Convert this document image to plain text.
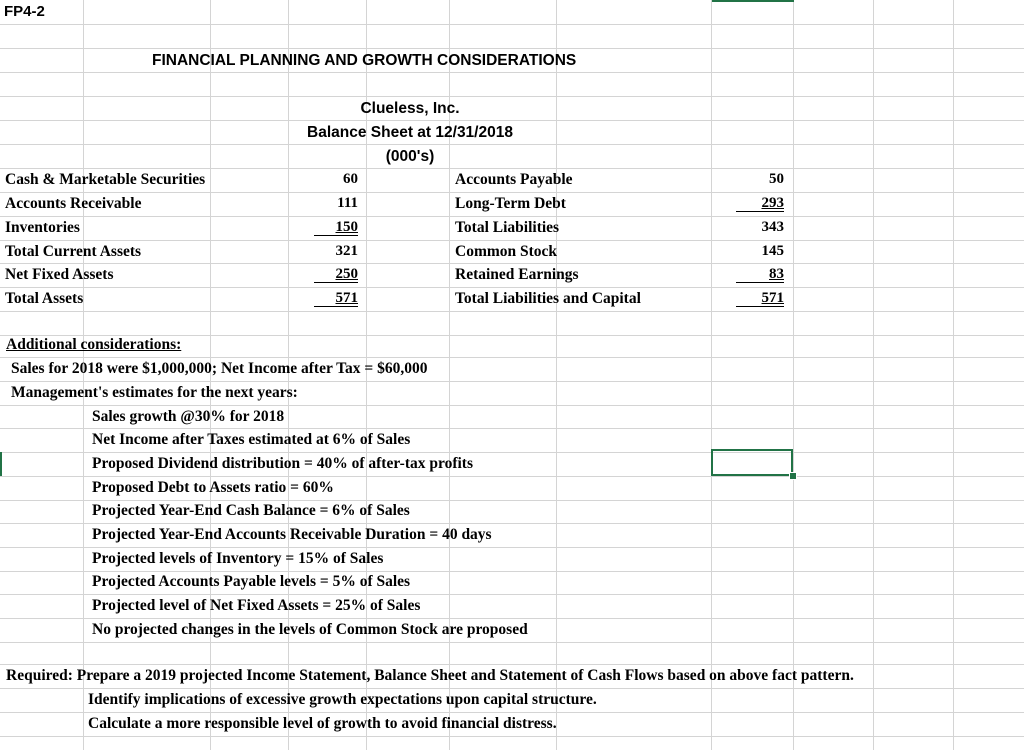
FP4-2
FINANCIAL PLANNING AND GROWTH CONSIDERATIONS
Clueless, Inc.
Balance Sheet at 12/31/2018
(000's)
Cash & Marketable Securities
Accounts Receivable
Inventories
Total Current Assets
Net Fixed Assets
Total Assets
60
111
150
321
250
571
Accounts Payable
Long-Term Debt
Total Liabilities
Common Stock
Retained Earnings
Total Liabilities and Capital
50
293
343
145
83
571
Additional considerations:
Sales for 2018 were $1,000,000; Net Income after Tax = $60,000
Management's estimates for the next years:
Sales growth @30% for 2018
Net Income after Taxes estimated at 6% of Sales
Proposed Dividend distribution = 40% of after-tax profits
Proposed Debt to Assets ratio = 60%
Projected Year-End Cash Balance = 6% of Sales
Projected Year-End Accounts Receivable Duration = 40 days
Projected levels of Inventory = 15% of Sales
Projected Accounts Payable levels = 5% of Sales
Projected level of Net Fixed Assets = 25% of Sales
No projected changes in the levels of Common Stock are proposed
Required: Prepare a 2019 projected Income Statement, Balance Sheet and Statement of Cash Flows based on above fact pattern.
Identify implications of excessive growth expectations upon capital structure.
Calculate a more responsible level of growth to avoid financial distress.
